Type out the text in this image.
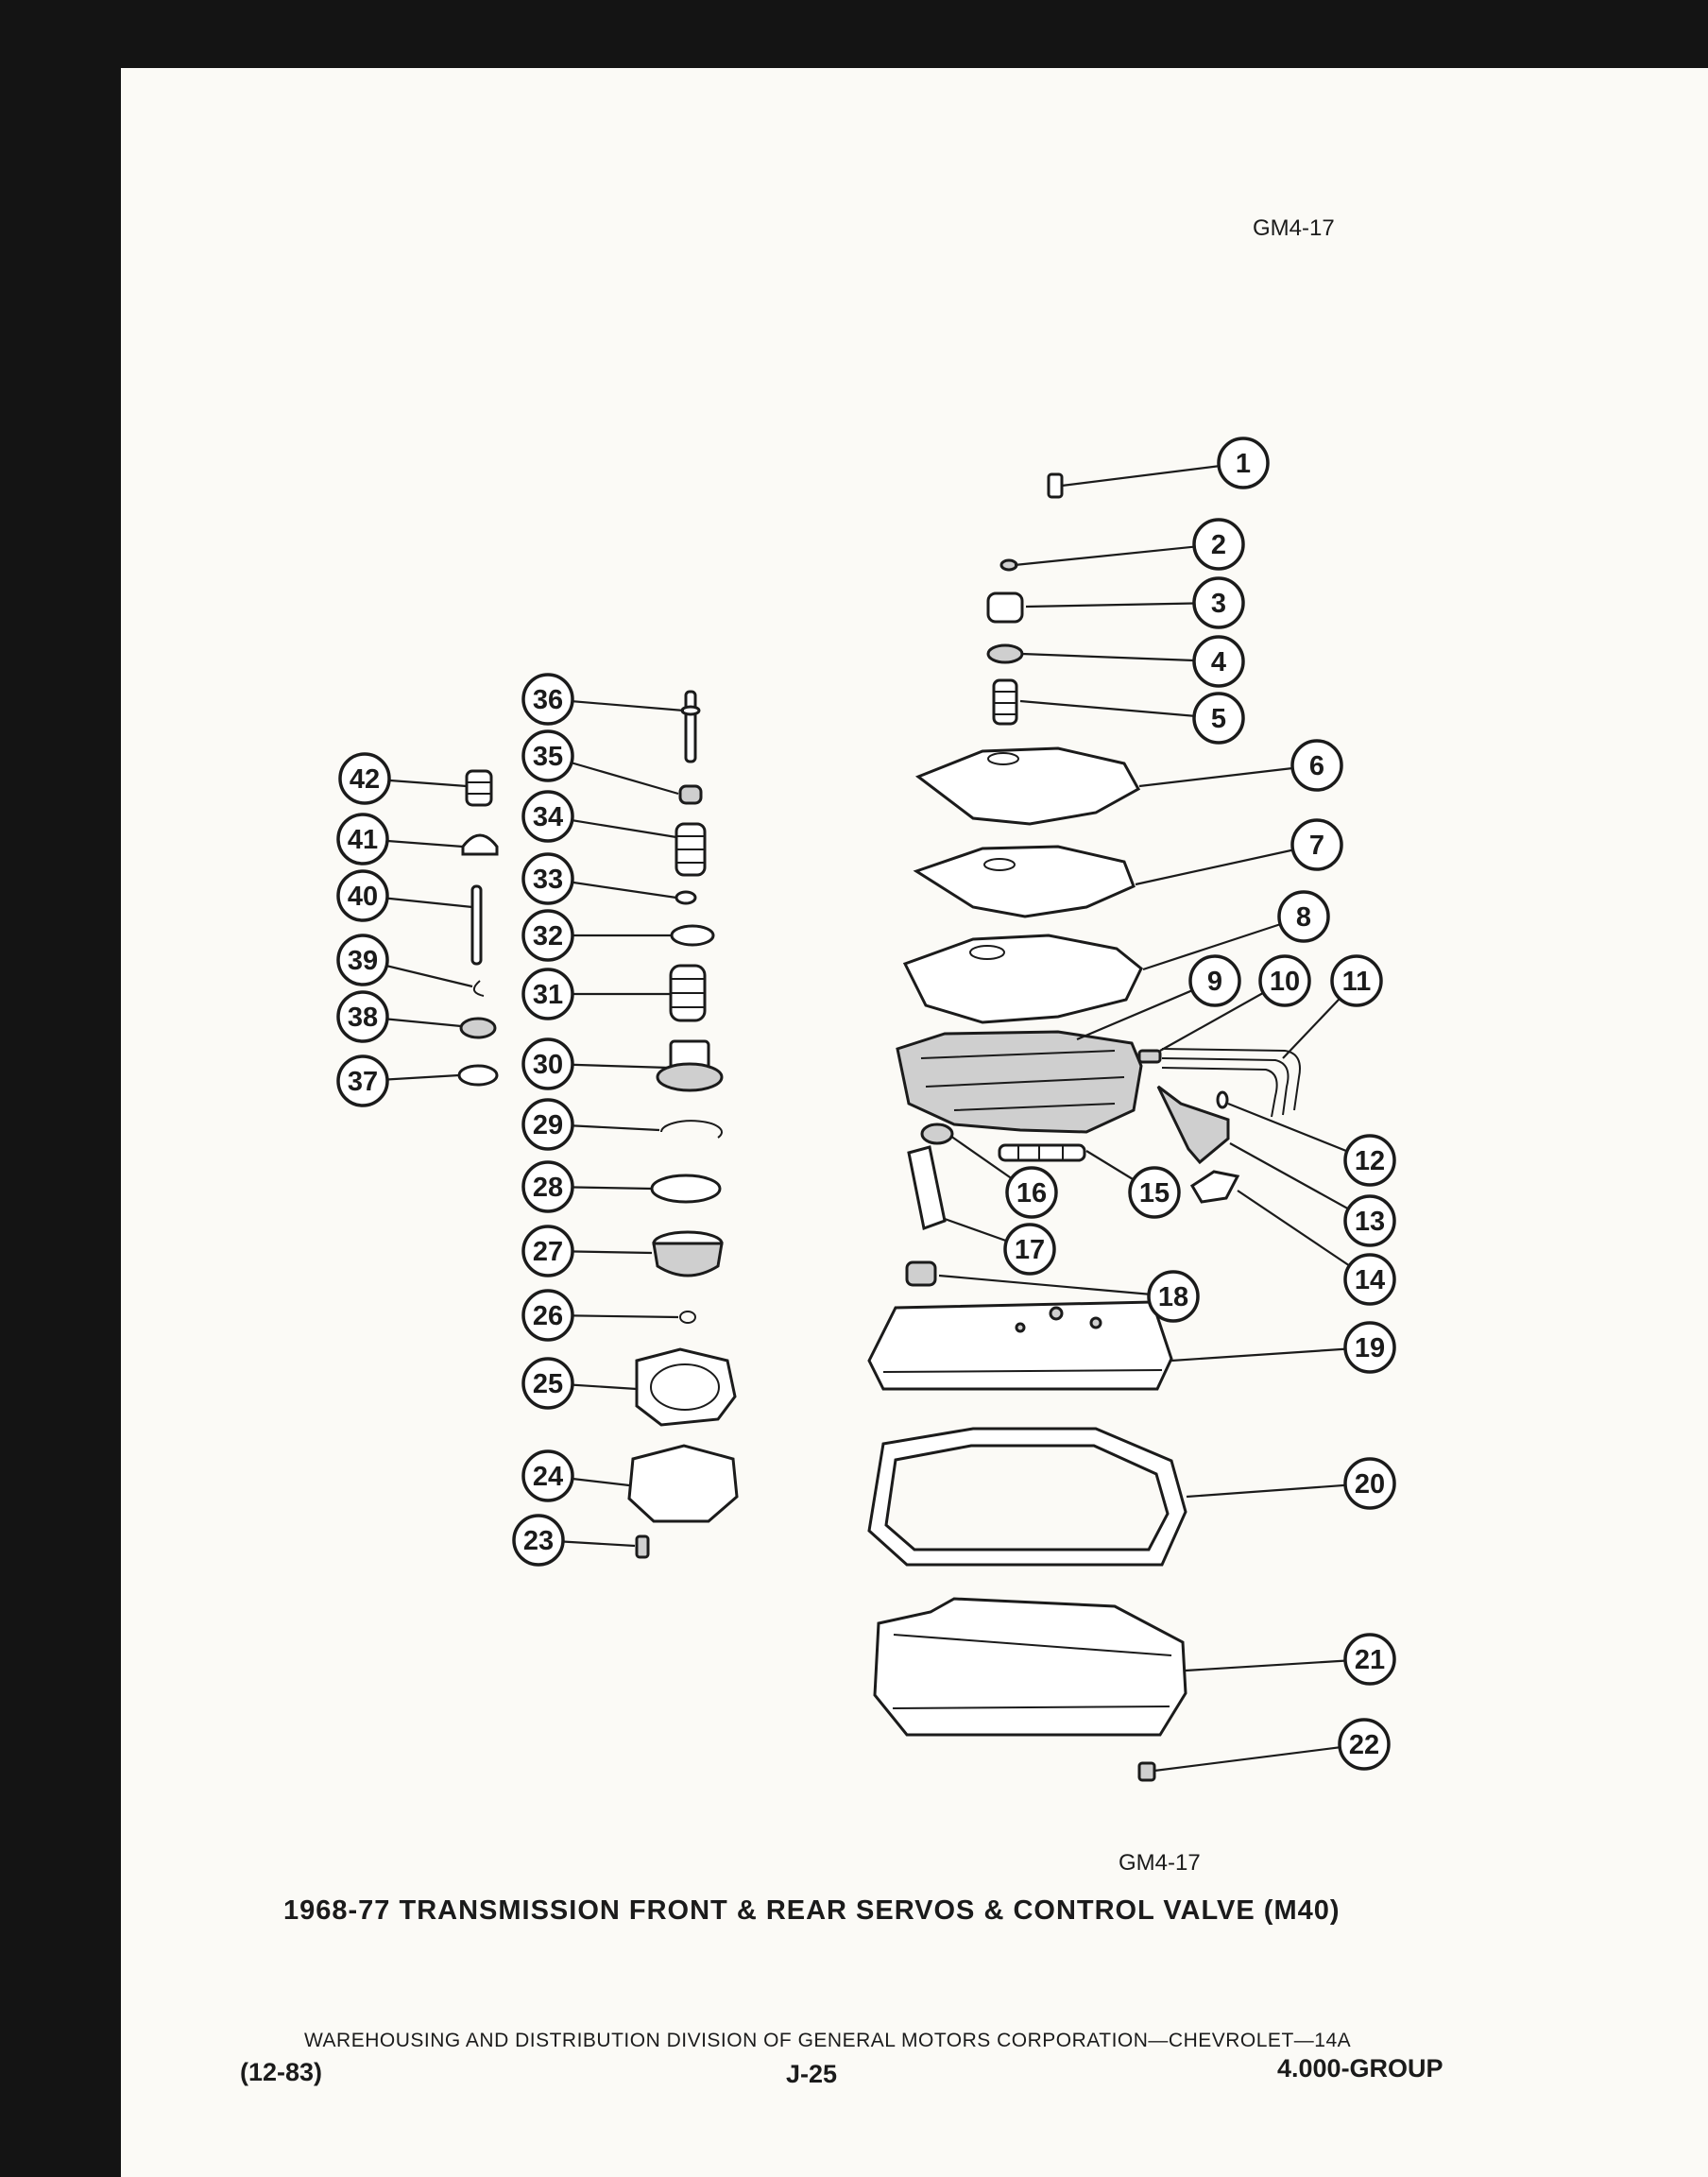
1
2
3
4
5
6
7
8
9 10 11
12
13
14
15
16
17
18
19
20
21
22
23
24
25
26
27
28
29
30
31
32
33
34
35
36
37
38
39
40
41
42
GM4-17
GM4-17
1968-77 TRANSMISSION FRONT & REAR SERVOS & CONTROL VALVE (M40)
WAREHOUSING AND DISTRIBUTION DIVISION OF GENERAL MOTORS CORPORATION—CHEVROLET—14A
(12-83)	J-25	4.000-GROUP
